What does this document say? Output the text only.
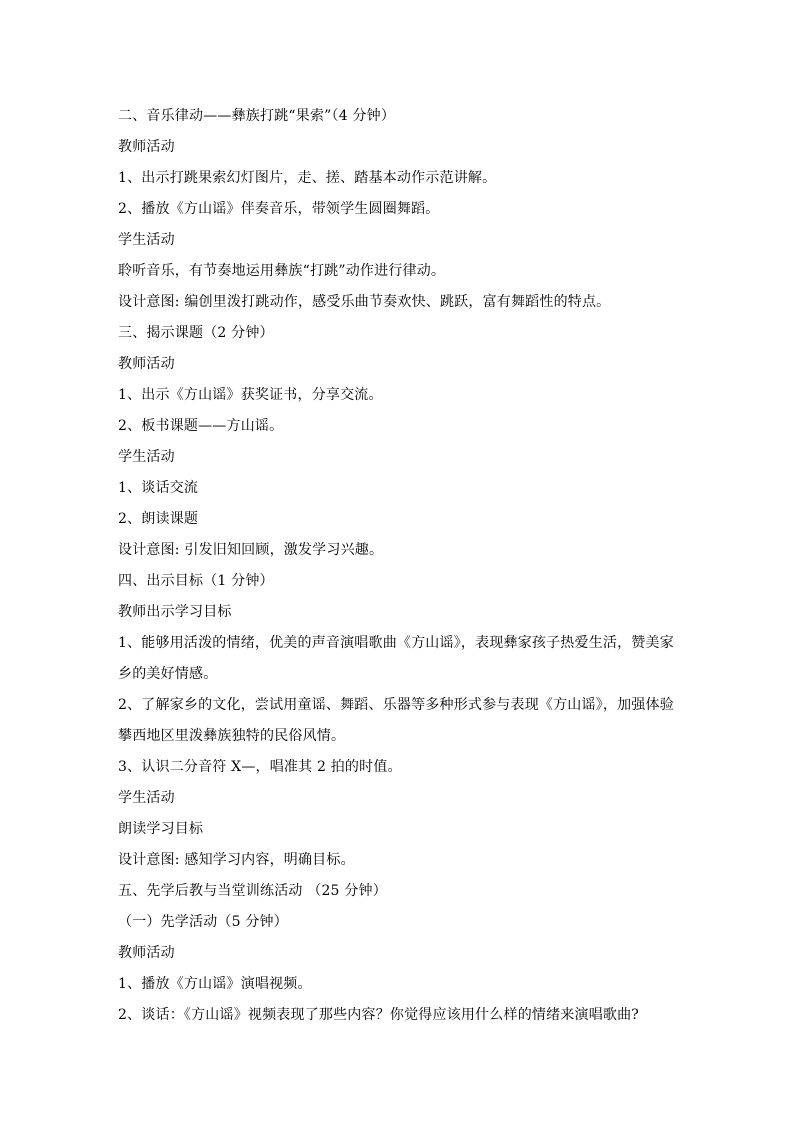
二、音乐律动——彝族打跳“果索”（4 分钟）
教师活动
1、出示打跳果索幻灯图片，走、搓、踏基本动作示范讲解。
2、播放《方山谣》伴奏音乐，带领学生圆圈舞蹈。
学生活动
聆听音乐，有节奏地运用彝族“打跳”动作进行律动。
设计意图: 编创里泼打跳动作，感受乐曲节奏欢快、跳跃，富有舞蹈性的特点。
三、揭示课题（2 分钟）
教师活动
1、出示《方山谣》获奖证书，分享交流。
2、板书课题——方山谣。
学生活动
1、谈话交流
2、朗读课题
设计意图: 引发旧知回顾，激发学习兴趣。
四、出示目标（1 分钟）
教师出示学习目标
1、能够用活泼的情绪，优美的声音演唱歌曲《方山谣》，表现彝家孩子热爱生活，赞美家
乡的美好情感。
2、了解家乡的文化，尝试用童谣、舞蹈、乐器等多种形式参与表现《方山谣》，加强体验
攀西地区里泼彝族独特的民俗风情。
3、认识二分音符 X—，唱准其 2 拍的时值。
学生活动
朗读学习目标
设计意图: 感知学习内容，明确目标。
五、先学后教与当堂训练活动 （25 分钟）
（一）先学活动（5 分钟）
教师活动
1、播放《方山谣》演唱视频。
2、谈话：《方山谣》视频表现了那些内容？你觉得应该用什么样的情绪来演唱歌曲?
